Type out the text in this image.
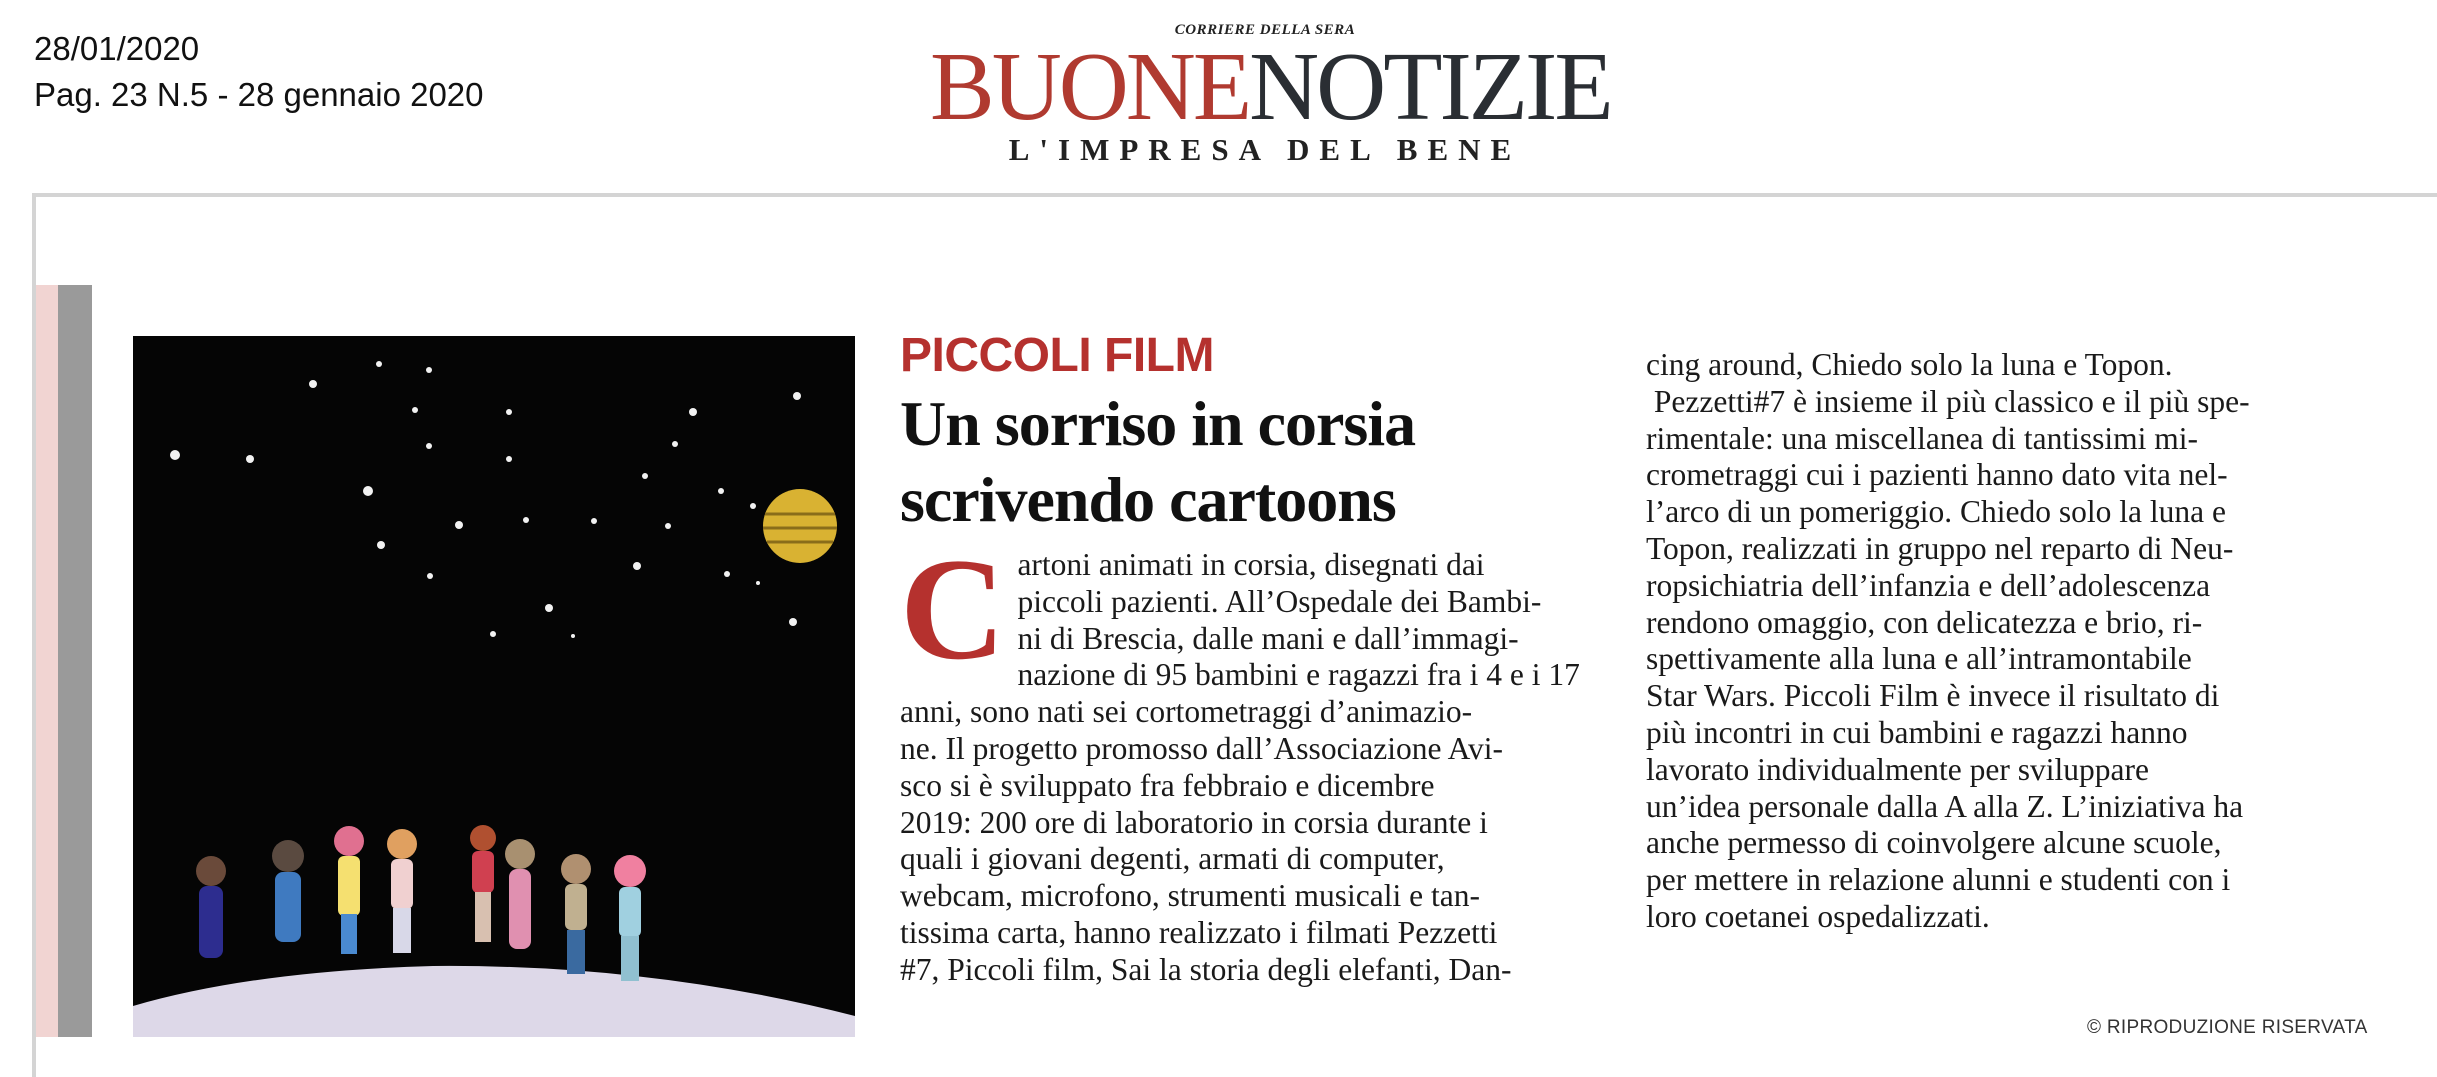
28/01/2020
Pag. 23 N.5 - 28 gennaio 2020
CORRIERE DELLA SERA
BUONENOTIZIE
L'IMPRESA DEL BENE
PICCOLI FILM
Un sorriso in corsia
scrivendo cartoons
C artoni animati in corsia, disegnati dai
piccoli pazienti. All’Ospedale dei Bambi-
ni di Brescia, dalle mani e dall’immagi-
nazione di 95 bambini e ragazzi fra i 4 e i 17
anni, sono nati sei cortometraggi d’animazio-
ne. Il progetto promosso dall’Associazione Avi-
sco si è sviluppato fra febbraio e dicembre
2019: 200 ore di laboratorio in corsia durante i
quali i giovani degenti, armati di computer,
webcam, microfono, strumenti musicali e tan-
tissima carta, hanno realizzato i filmati Pezzetti
#7, Piccoli film, Sai la storia degli elefanti, Dan-
cing around, Chiedo solo la luna e Topon.
Pezzetti#7 è insieme il più classico e il più spe-
rimentale: una miscellanea di tantissimi mi-
crometraggi cui i pazienti hanno dato vita nel-
l’arco di un pomeriggio. Chiedo solo la luna e
Topon, realizzati in gruppo nel reparto di Neu-
ropsichiatria dell’infanzia e dell’adolescenza
rendono omaggio, con delicatezza e brio, ri-
spettivamente alla luna e all’intramontabile
Star Wars. Piccoli Film è invece il risultato di
più incontri in cui bambini e ragazzi hanno
lavorato individualmente per sviluppare
un’idea personale dalla A alla Z. L’iniziativa ha
anche permesso di coinvolgere alcune scuole,
per mettere in relazione alunni e studenti con i
loro coetanei ospedalizzati.
© RIPRODUZIONE RISERVATA
